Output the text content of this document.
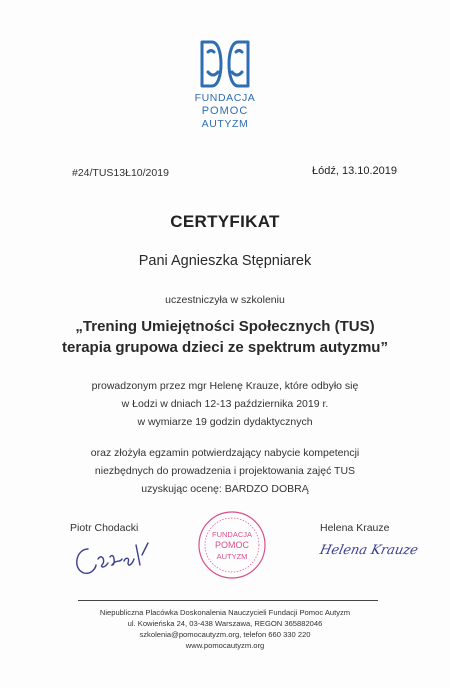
FUNDACJA
POMOC
AUTYZM
#24/TUS13Ł10/2019	Łódź, 13.10.2019
CERTYFIKAT
Pani Agnieszka Stępniarek
uczestniczyła w szkoleniu
„Trening Umiejętności Społecznych (TUS)
terapia grupowa dzieci ze spektrum autyzmu”
prowadzonym przez mgr Helenę Krauze, które odbyło się
w Łodzi w dniach 12-13 października 2019 r.
w wymiarze 19 godzin dydaktycznych
oraz złożyła egzamin potwierdzający nabycie kompetencji
niezbędnych do prowadzenia i projektowania zajęć TUS
uzyskując ocenę: BARDZO DOBRĄ
Piotr Chodacki	Helena Krauze
Helena Krauze
FUNDACJA
POMOC
AUTYZM
Niepubliczna Placówka Doskonalenia Nauczycieli Fundacji Pomoc Autyzm
ul. Kowieńska 24, 03-438 Warszawa, REGON 365882046
szkolenia@pomocautyzm.org, telefon 660 330 220
www.pomocautyzm.org
